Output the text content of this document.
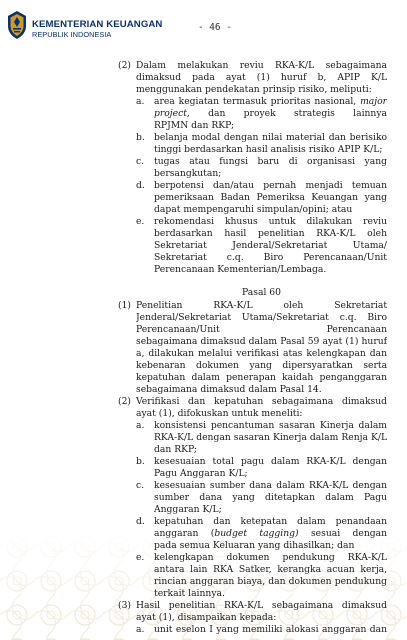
KEMENTERIAN KEUANGAN
REPUBLIK INDONESIA
- 46 -
(2) Dalam melakukan reviu RKA-K/L sebagaimana
dimaksud pada ayat (1) huruf b, APIP K/L
menggunakan pendekatan prinsip risiko, meliputi:
a. area kegiatan termasuk prioritas nasional, major
project, dan proyek strategis lainnya
RPJMN dan RKP;
b. belanja modal dengan nilai material dan berisiko
tinggi berdasarkan hasil analisis risiko APIP K/L;
c. tugas atau fungsi baru di organisasi yang
bersangkutan;
d. berpotensi dan/atau pernah menjadi temuan
pemeriksaan Badan Pemeriksa Keuangan yang
dapat mempengaruhi simpulan/opini; atau
e. rekomendasi khusus untuk dilakukan reviu
berdasarkan hasil penelitian RKA-K/L oleh
Sekretariat	Jenderal/Sekretariat	Utama/
Sekretariat c.q. Biro Perencanaan/Unit
Perencanaan Kementerian/Lembaga.
Pasal 60
(1) Penelitian	RKA-K/L	oleh	Sekretariat
Jenderal/Sekretariat Utama/Sekretariat c.q. Biro
Perencanaan/Unit	Perencanaan
sebagaimana dimaksud dalam Pasal 59 ayat (1) huruf
a, dilakukan melalui verifikasi atas kelengkapan dan
kebenaran dokumen yang dipersyaratkan serta
kepatuhan dalam penerapan kaidah penganggaran
sebagaimana dimaksud dalam Pasal 14.
(2) Verifikasi dan kepatuhan sebagaimana dimaksud
ayat (1), difokuskan untuk meneliti:
a. konsistensi pencantuman sasaran Kinerja dalam
RKA-K/L dengan sasaran Kinerja dalam Renja K/L
dan RKP;
b. kesesuaian total pagu dalam RKA-K/L dengan
Pagu Anggaran K/L;
c. kesesuaian sumber dana dalam RKA-K/L dengan
sumber dana yang ditetapkan dalam Pagu
Anggaran K/L;
d. kepatuhan dan ketepatan dalam penandaan
anggaran (budget tagging) sesuai dengan
pada semua Keluaran yang dihasilkan; dan
e. kelengkapan dokumen pendukung RKA-K/L
antara lain RKA Satker, kerangka acuan kerja,
rincian anggaran biaya, dan dokumen pendukung
terkait lainnya.
(3) Hasil penelitian RKA-K/L sebagaimana dimaksud
ayat (1), disampaikan kepada:
a. unit eselon I yang memiliki alokasi anggaran dan
